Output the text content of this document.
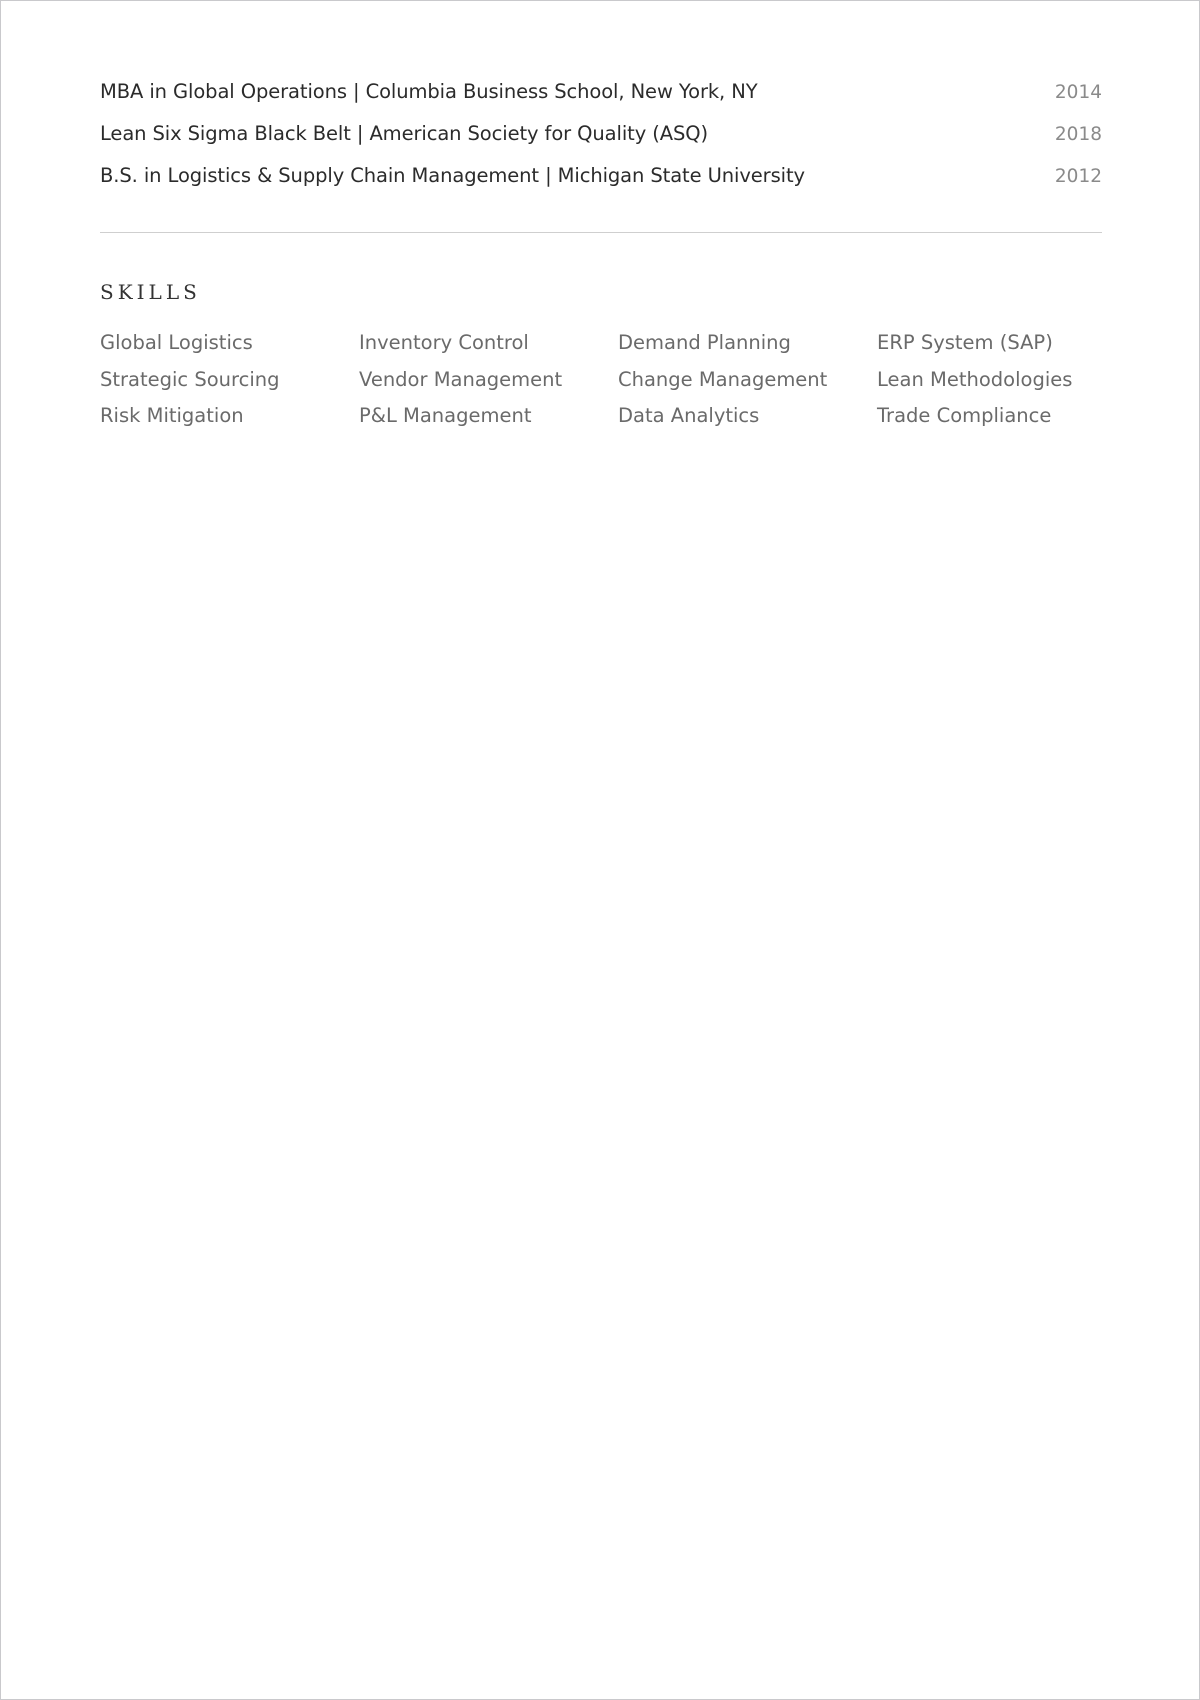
MBA in Global Operations | Columbia Business School, New York, NY	2014
Lean Six Sigma Black Belt | American Society for Quality (ASQ)	2018
B.S. in Logistics & Supply Chain Management | Michigan State University	2012
SKILLS
Global Logistics	Inventory Control	Demand Planning	ERP System (SAP)
Strategic Sourcing	Vendor Management	Change Management	Lean Methodologies
Risk Mitigation	P&L Management	Data Analytics	Trade Compliance
